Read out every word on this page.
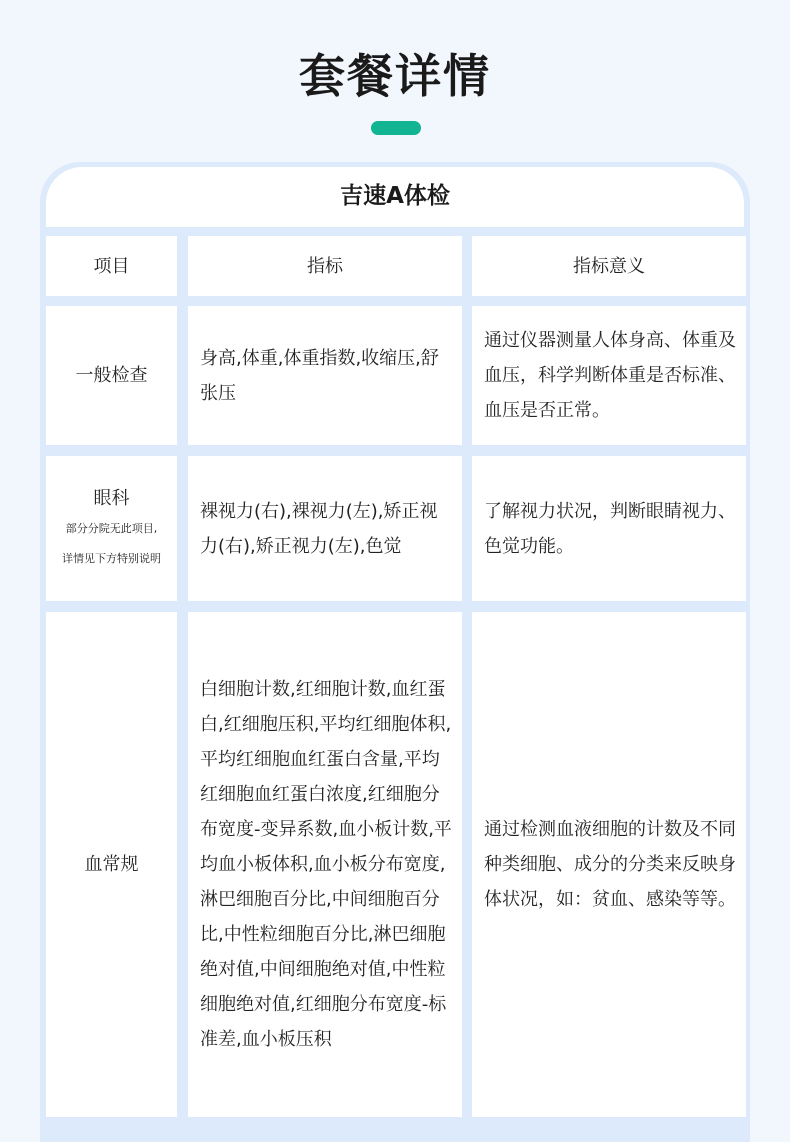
套餐详情
吉速A体检
项目	指标	指标意义
一般检查
身高,体重,体重指数,收缩压,舒张压
通过仪器测量人体身高、体重及血压，科学判断体重是否标准、血压是否正常。
眼科
部分分院无此项目,
详情见下方特别说明
裸视力(右),裸视力(左),矫正视力(右),矫正视力(左),色觉
了解视力状况，判断眼睛视力、色觉功能。
血常规
白细胞计数,红细胞计数,血红蛋白,红细胞压积,平均红细胞体积,平均红细胞血红蛋白含量,平均红细胞血红蛋白浓度,红细胞分布宽度-变异系数,血小板计数,平均血小板体积,血小板分布宽度,淋巴细胞百分比,中间细胞百分比,中性粒细胞百分比,淋巴细胞绝对值,中间细胞绝对值,中性粒细胞绝对值,红细胞分布宽度-标准差,血小板压积
通过检测血液细胞的计数及不同种类细胞、成分的分类来反映身体状况，如：贫血、感染等等。
